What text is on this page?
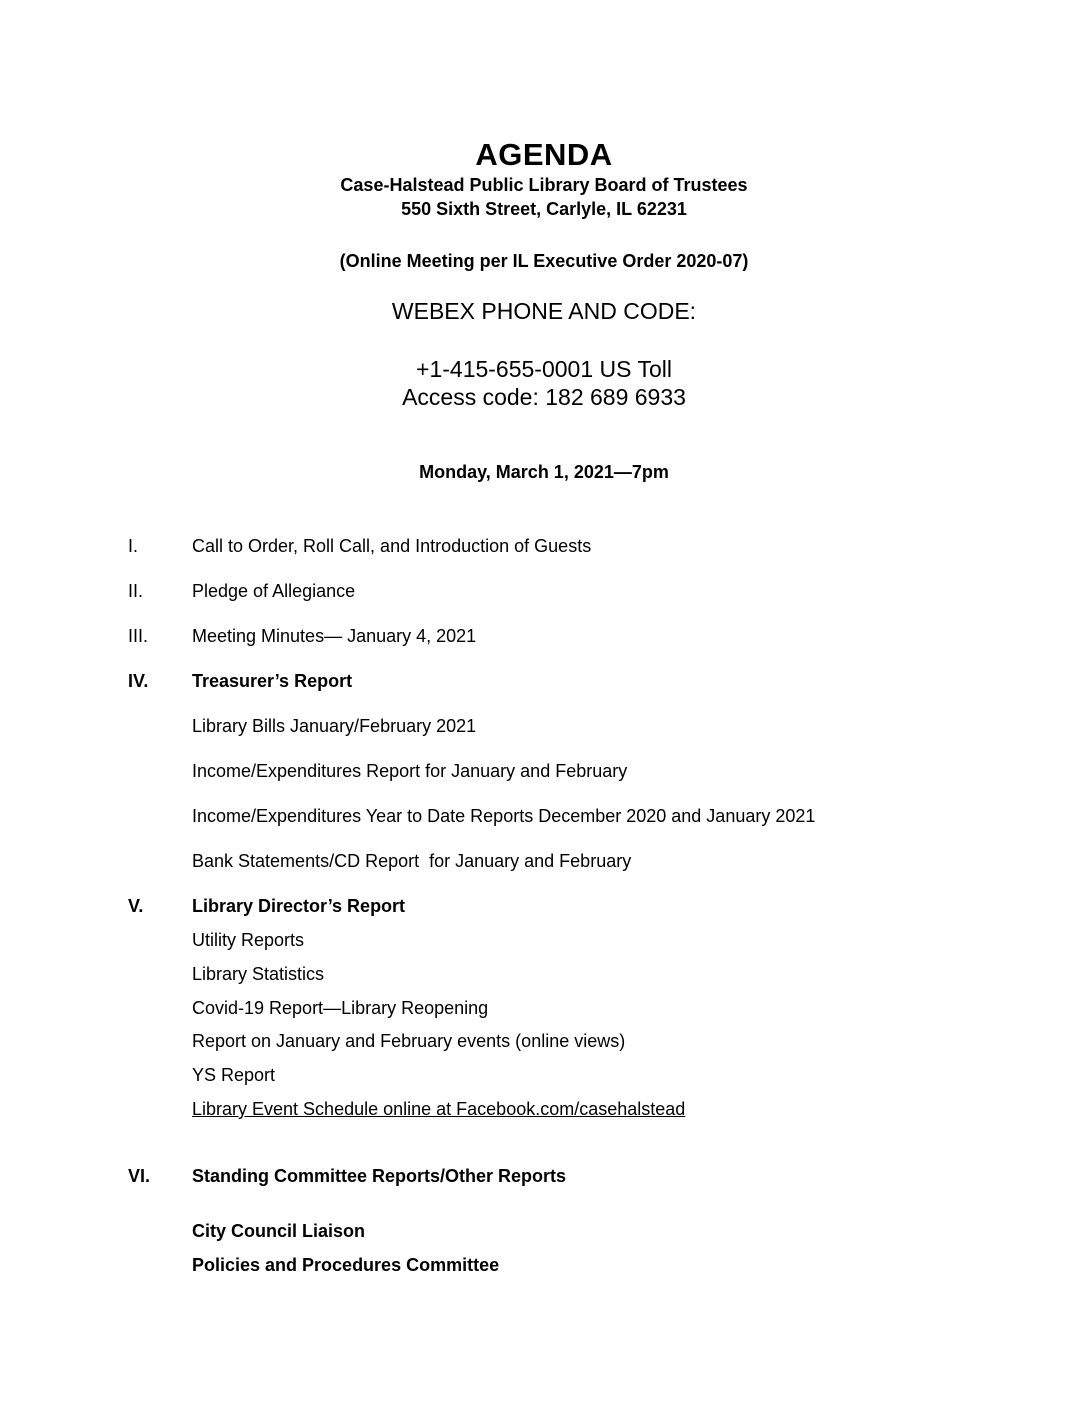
AGENDA
Case-Halstead Public Library Board of Trustees
550 Sixth Street, Carlyle, IL 62231
(Online Meeting per IL Executive Order 2020-07)
WEBEX PHONE AND CODE:
+1-415-655-0001 US Toll
Access code: 182 689 6933
Monday, March 1, 2021—7pm
I.	Call to Order, Roll Call, and Introduction of Guests
II.	Pledge of Allegiance
III. Meeting Minutes— January 4, 2021
IV. Treasurer’s Report
Library Bills January/February 2021
Income/Expenditures Report for January and February
Income/Expenditures Year to Date Reports December 2020 and January 2021
Bank Statements/CD Report  for January and February
V.	Library Director’s Report
Utility Reports
Library Statistics
Covid-19 Report—Library Reopening
Report on January and February events (online views)
YS Report
Library Event Schedule online at Facebook.com/casehalstead
VI. Standing Committee Reports/Other Reports
City Council Liaison
Policies and Procedures Committee
